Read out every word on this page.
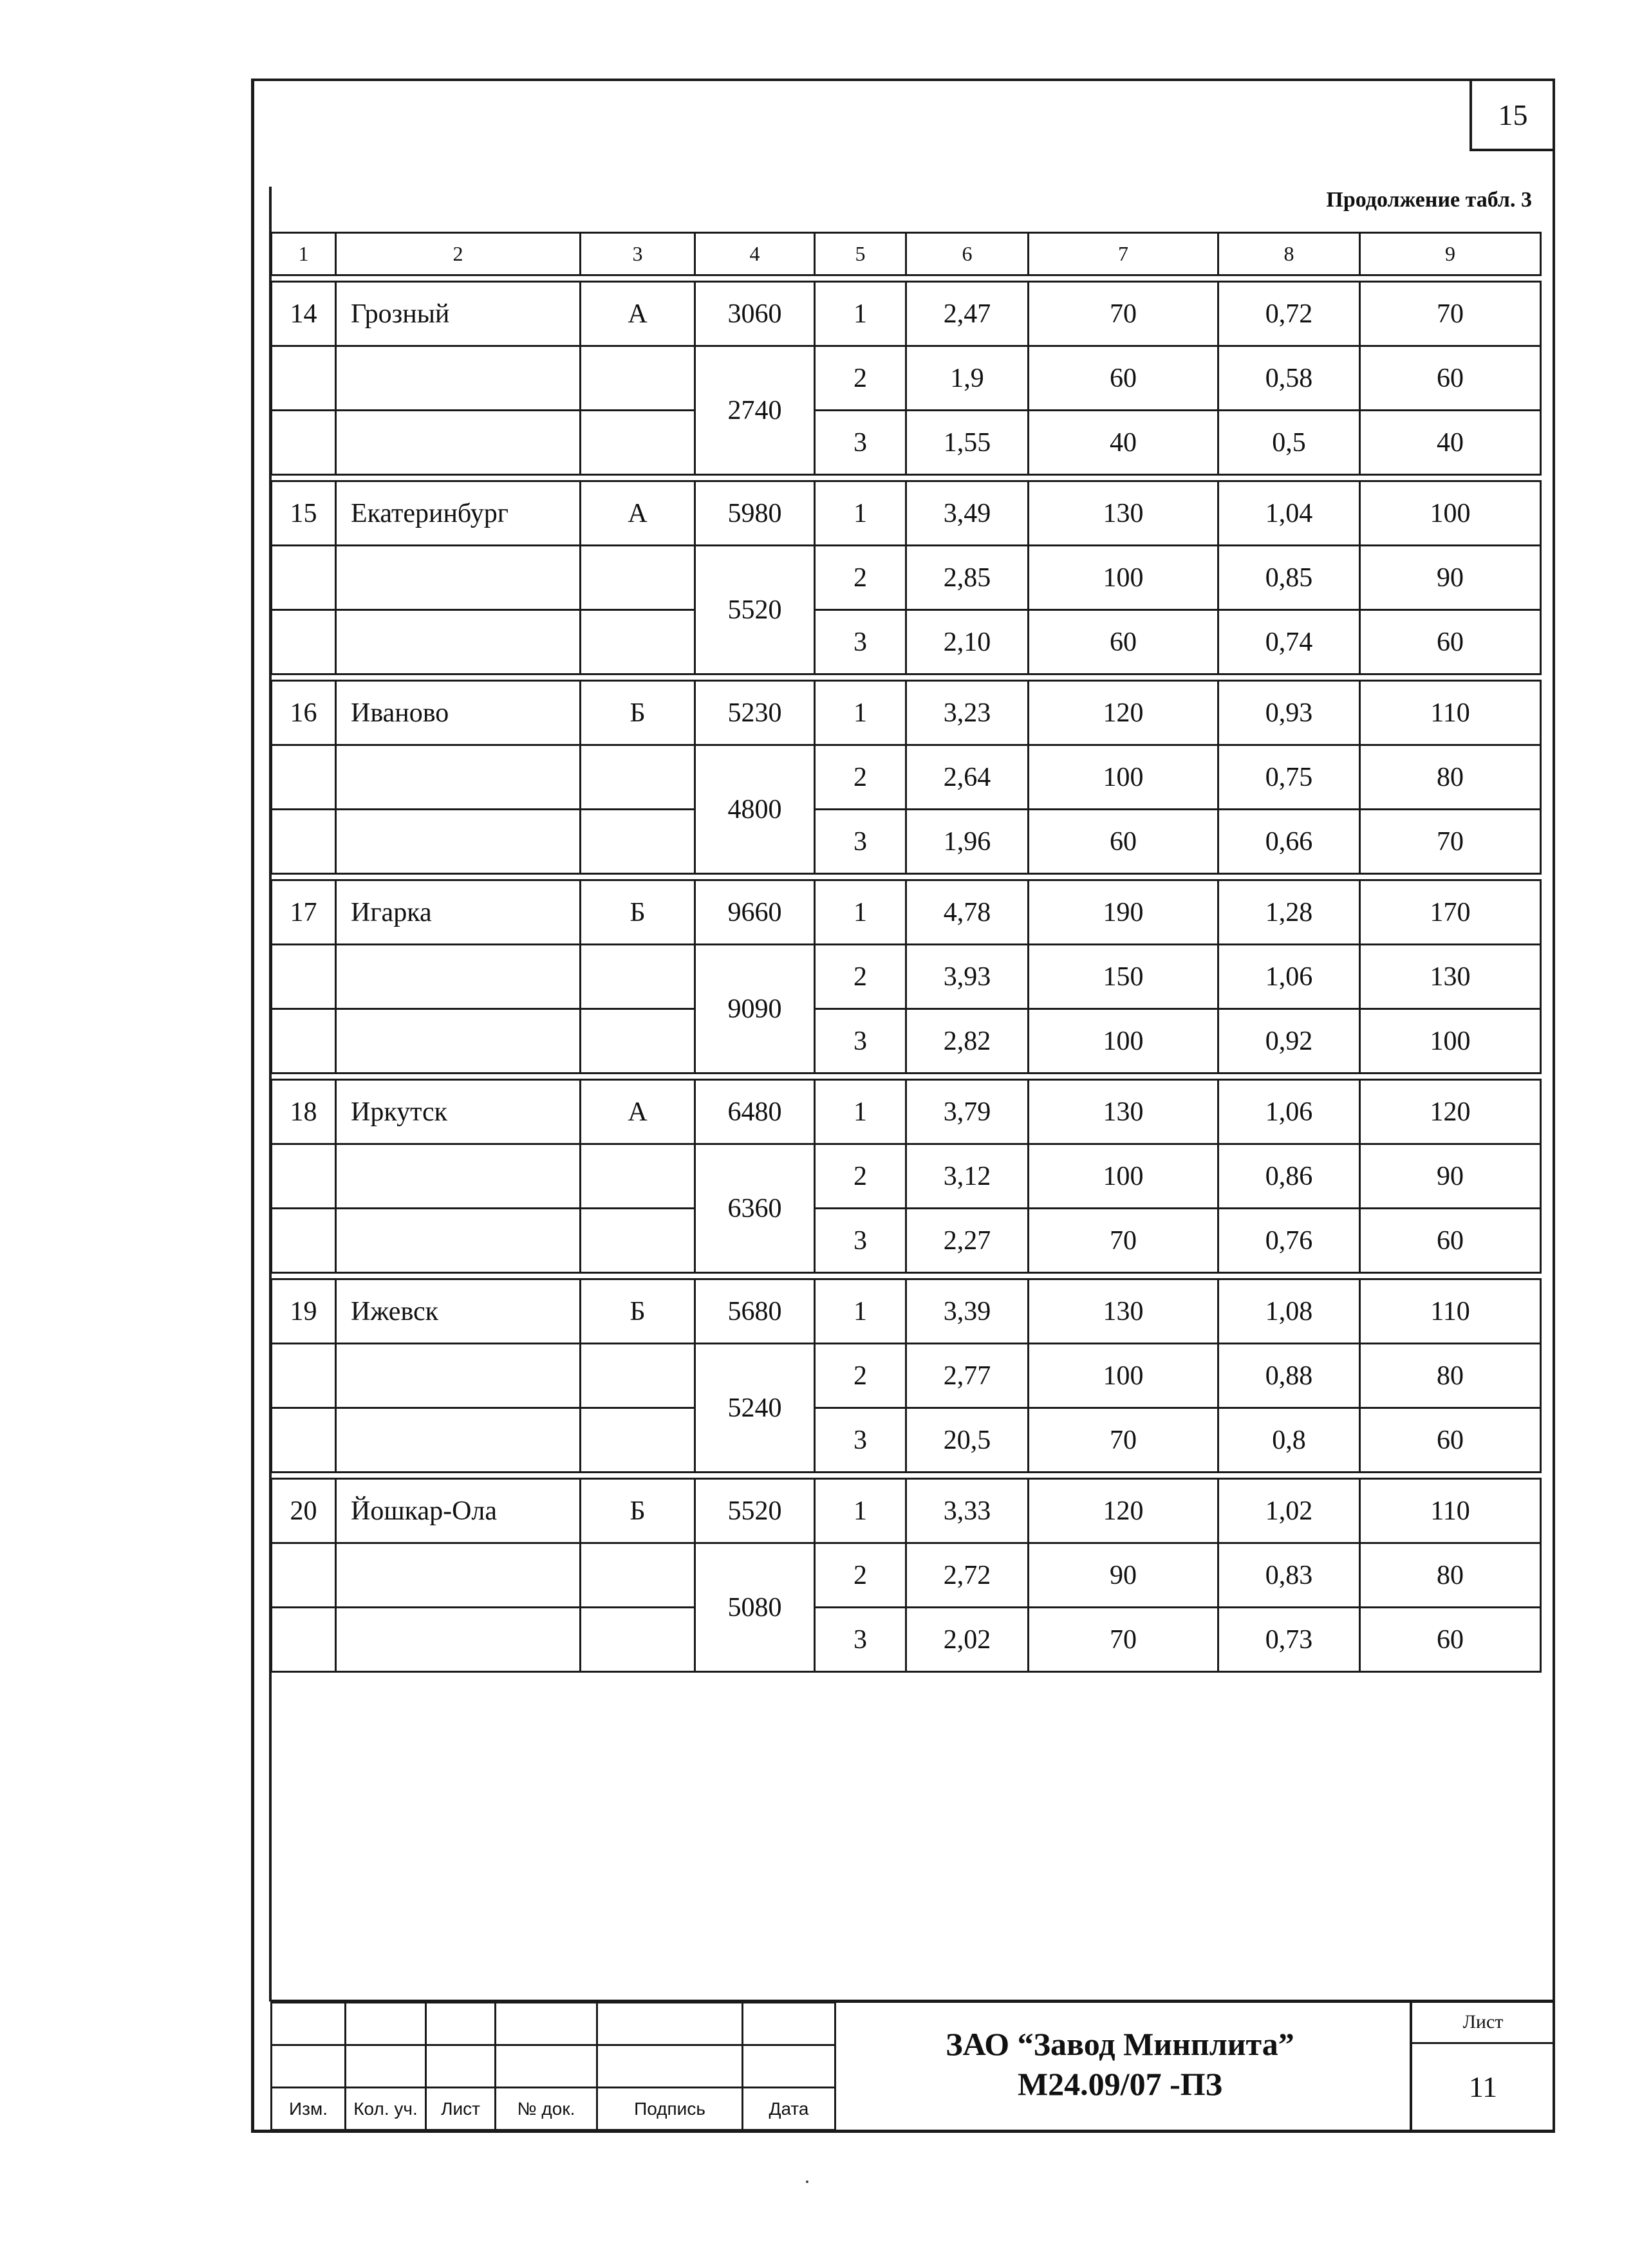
15
Продолжение табл. 3
1	2	3	4	5	6	7	8	9

14	Грозный	А	3060	1	2,47	70	0,72	70
			2740	2	1,9	60	0,58	60
				3	1,55	40	0,5	40

15	Екатеринбург	А	5980	1	3,49	130	1,04	100
			5520	2	2,85	100	0,85	90
				3	2,10	60	0,74	60

16	Иваново	Б	5230	1	3,23	120	0,93	110
			4800	2	2,64	100	0,75	80
				3	1,96	60	0,66	70

17	Игарка	Б	9660	1	4,78	190	1,28	170
			9090	2	3,93	150	1,06	130
				3	2,82	100	0,92	100

18	Иркутск	А	6480	1	3,79	130	1,06	120
			6360	2	3,12	100	0,86	90
				3	2,27	70	0,76	60

19	Ижевск	Б	5680	1	3,39	130	1,08	110
			5240	2	2,77	100	0,88	80
				3	20,5	70	0,8	60

20	Йошкар-Ола	Б	5520	1	3,33	120	1,02	110
			5080	2	2,72	90	0,83	80
				3	2,02	70	0,73	60

Изм.	Кол. уч.	Лист	№ док.	Подпись	Дата
ЗАО “Завод Минплита”
М24.09/07 -ПЗ
Лист
11
